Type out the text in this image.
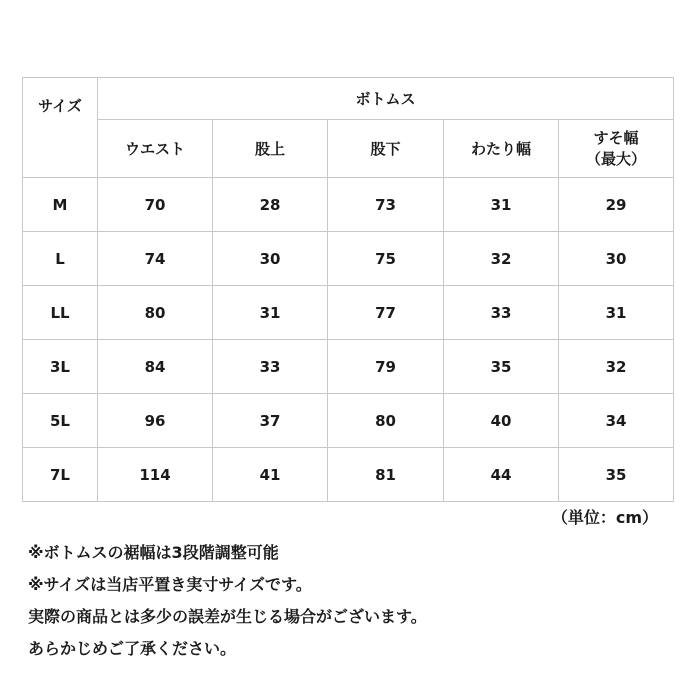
サイズ	ボトムス				
	ウエスト	股上	股下	わたり幅	すそ幅
（最大）

M	70	28	73	31	29
L	74	30	75	32	30
LL	80	31	77	33	31
3L	84	33	79	35	32
5L	96	37	80	40	34
7L	114	41	81	44	35
（単位：cm）
※ボトムスの裾幅は3段階調整可能
※サイズは当店平置き実寸サイズです。
実際の商品とは多少の誤差が生じる場合がございます。
あらかじめご了承ください。
